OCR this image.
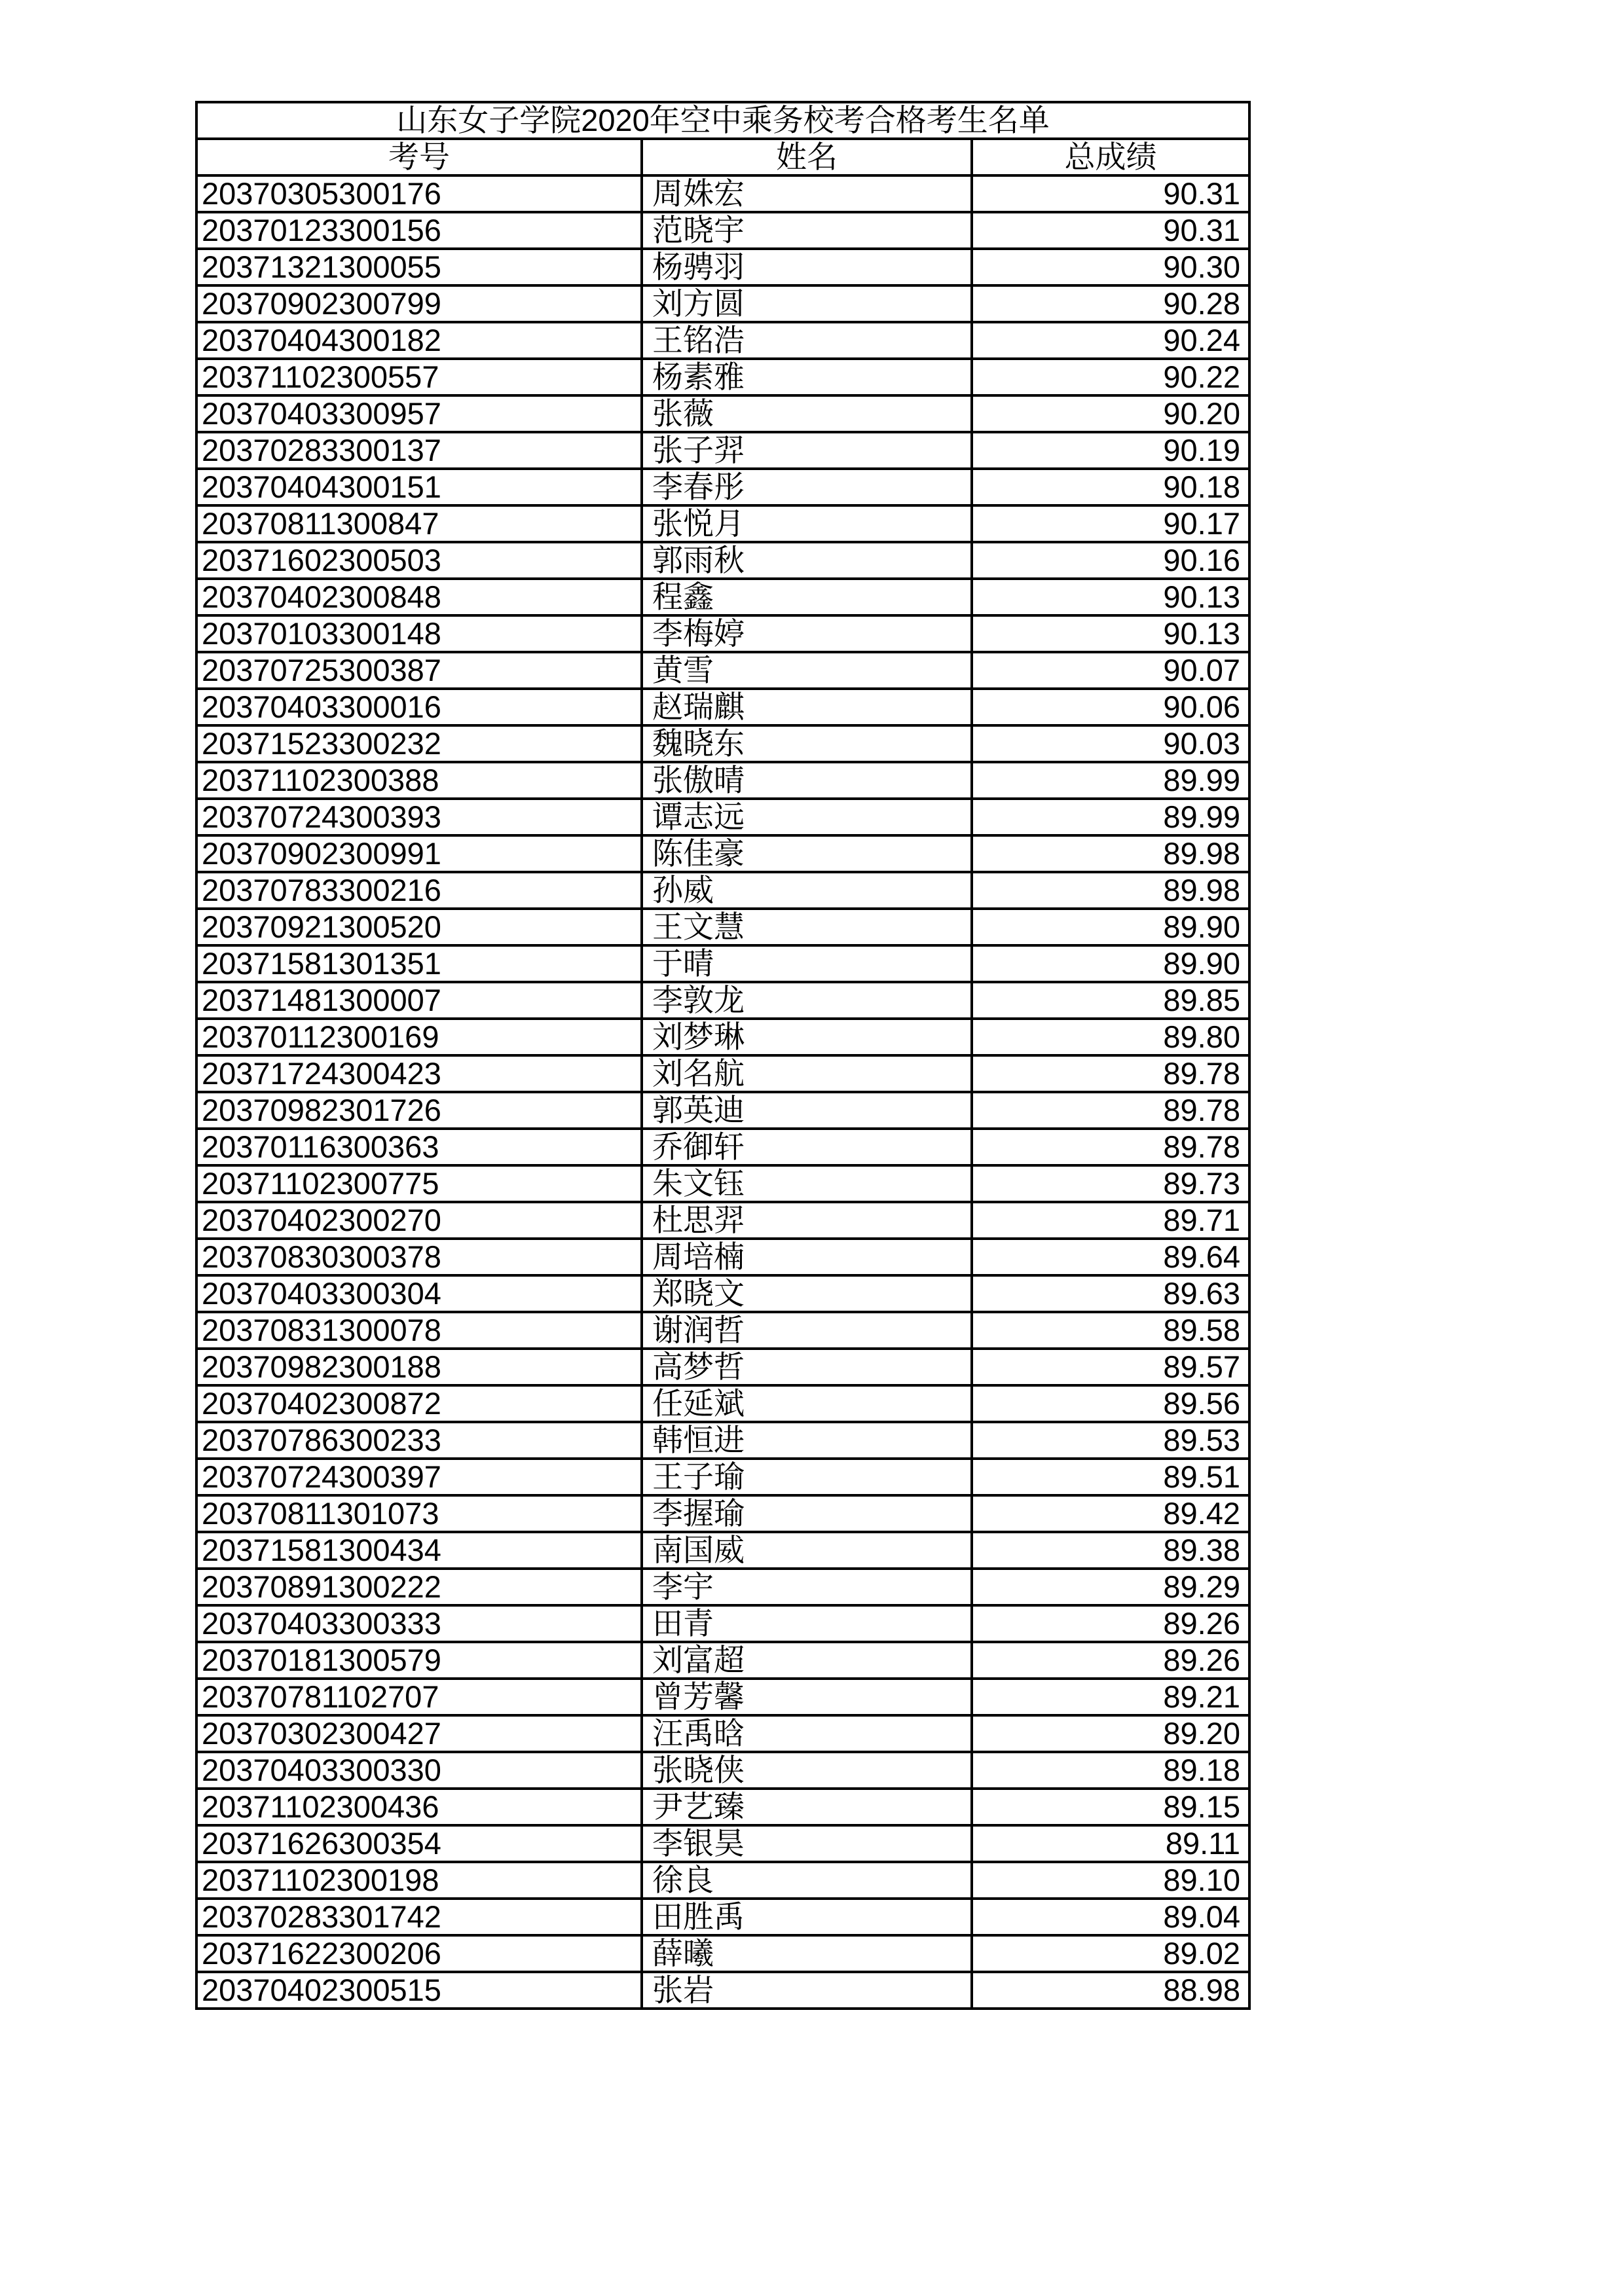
山东女子学院2020年空中乘务校考合格考生名单		
考号	姓名	总成绩
20370305300176	周姝宏	90.31
20370123300156	范晓宇	90.31
20371321300055	杨骋羽	90.30
20370902300799	刘方圆	90.28
20370404300182	王铭浩	90.24
20371102300557	杨素雅	90.22
20370403300957	张薇	90.20
20370283300137	张子羿	90.19
20370404300151	李春彤	90.18
20370811300847	张悦月	90.17
20371602300503	郭雨秋	90.16
20370402300848	程鑫	90.13
20370103300148	李梅婷	90.13
20370725300387	黄雪	90.07
20370403300016	赵瑞麒	90.06
20371523300232	魏晓东	90.03
20371102300388	张傲晴	89.99
20370724300393	谭志远	89.99
20370902300991	陈佳豪	89.98
20370783300216	孙威	89.98
20370921300520	王文慧	89.90
20371581301351	于晴	89.90
20371481300007	李敦龙	89.85
20370112300169	刘梦琳	89.80
20371724300423	刘名航	89.78
20370982301726	郭英迪	89.78
20370116300363	乔御轩	89.78
20371102300775	朱文钰	89.73
20370402300270	杜思羿	89.71
20370830300378	周培楠	89.64
20370403300304	郑晓文	89.63
20370831300078	谢润哲	89.58
20370982300188	高梦哲	89.57
20370402300872	任延斌	89.56
20370786300233	韩恒进	89.53
20370724300397	王子瑜	89.51
20370811301073	李握瑜	89.42
20371581300434	南国威	89.38
20370891300222	李宇	89.29
20370403300333	田青	89.26
20370181300579	刘富超	89.26
20370781102707	曾芳馨	89.21
20370302300427	汪禹晗	89.20
20370403300330	张晓侠	89.18
20371102300436	尹艺臻	89.15
20371626300354	李银昊	89.11
20371102300198	徐良	89.10
20370283301742	田胜禹	89.04
20371622300206	薛曦	89.02
20370402300515	张岩	88.98
